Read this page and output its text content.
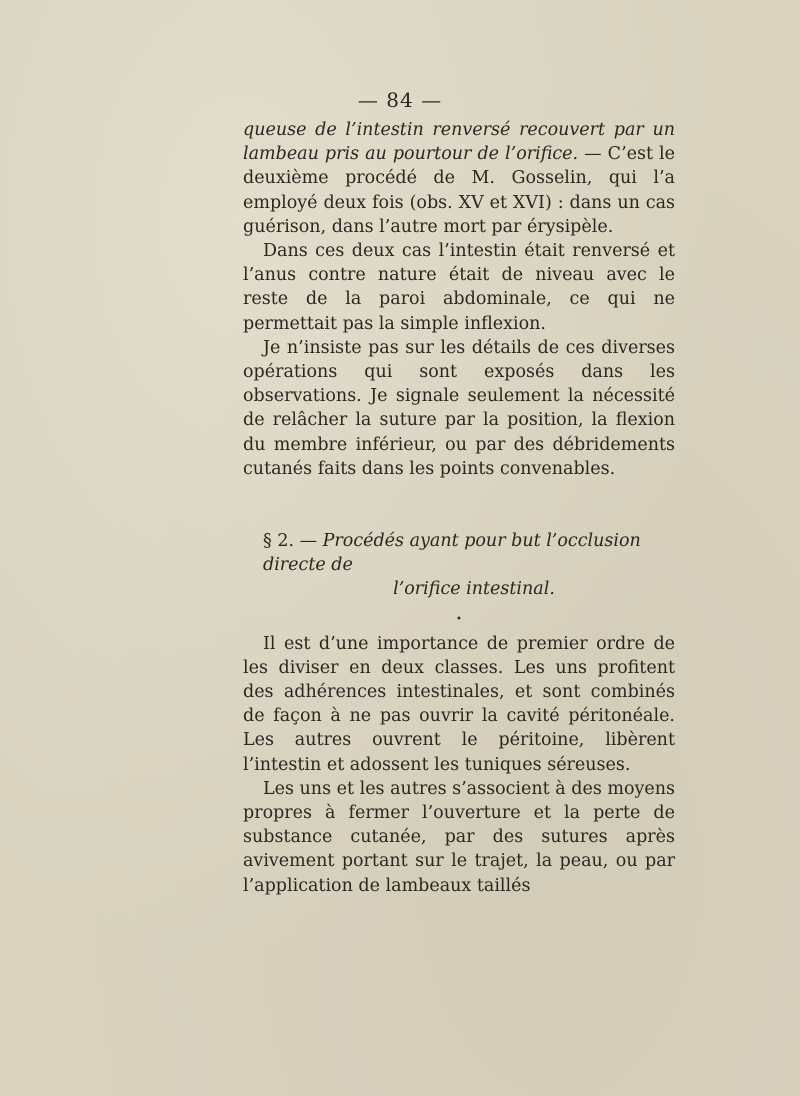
— 84 —

queuse de l’intestin renversé recouvert par un lambeau pris au pourtour de l’orifice. — C’est le deuxième procédé de M. Gosselin, qui l’a employé deux fois (obs. XV et XVI) : dans un cas guérison, dans l’autre mort par érysipèle.

Dans ces deux cas l’intestin était renversé et l’anus contre nature était de niveau avec le reste de la paroi abdominale, ce qui ne permettait pas la simple inflexion.

Je n’insiste pas sur les détails de ces diverses opérations qui sont exposés dans les observations. Je signale seulement la nécessité de relâcher la suture par la position, la flexion du membre inférieur, ou par des débridements cutanés faits dans les points convenables.

§ 2. — Procédés ayant pour but l’occlusion directe de
l’orifice intestinal.

•

Il est d’une importance de premier ordre de les diviser en deux classes. Les uns profitent des adhérences intestinales, et sont combinés de façon à ne pas ouvrir la cavité péritonéale. Les autres ouvrent le péritoine, libèrent l’intestin et adossent les tuniques séreuses.

Les uns et les autres s’associent à des moyens propres à fermer l’ouverture et la perte de substance cutanée, par des sutures après avivement portant sur le trajet, la peau, ou par l’application de lambeaux taillés
